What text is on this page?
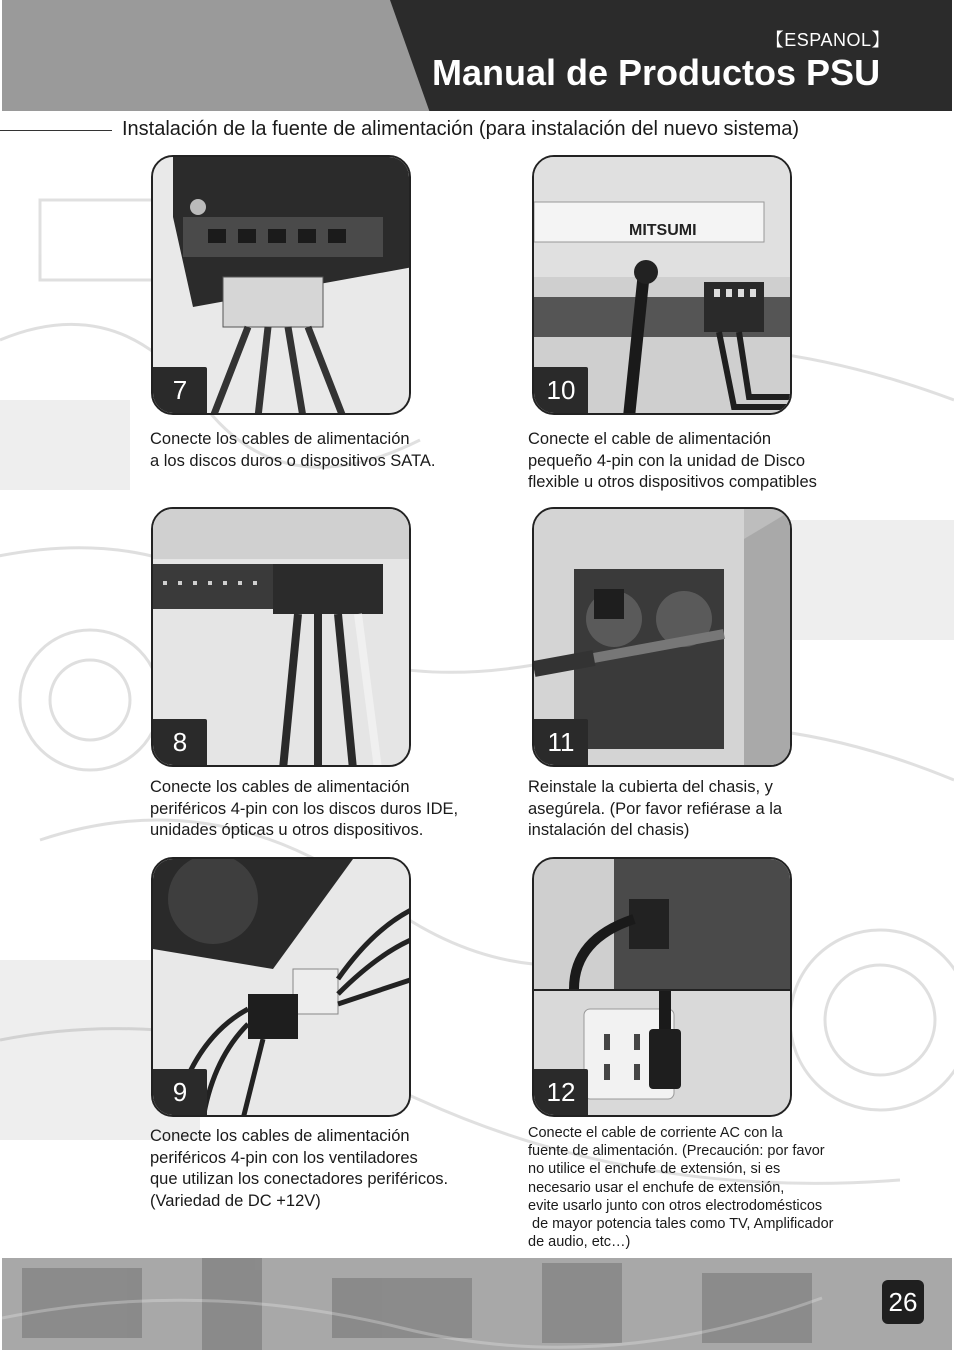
【ESPANOL】
Manual de Productos PSU
Instalación de la fuente de alimentación (para instalación del nuevo sistema)
7
Conecte los cables de alimentación
a los discos duros o dispositivos SATA.
MITSUMI
10
Conecte el cable de alimentación
pequeño 4-pin con la unidad de Disco
flexible u otros dispositivos compatibles
8
Conecte los cables de alimentación
periféricos 4-pin con los discos duros IDE,
unidades ópticas u otros dispositivos.
11
Reinstale la cubierta del chasis, y
asegúrela. (Por favor refiérase a la
instalación del chasis)
9
Conecte los cables de alimentación
periféricos 4-pin con los ventiladores
que utilizan los conectadores periféricos.
(Variedad de DC +12V)
12
Conecte el cable de corriente AC con la
fuente de alimentación. (Precaución: por favor
no utilice el enchufe de extensión, si es
necesario usar el enchufe de extensión,
evite usarlo junto con otros electrodomésticos
de mayor potencia tales como TV, Amplificador
de audio, etc…)
26
